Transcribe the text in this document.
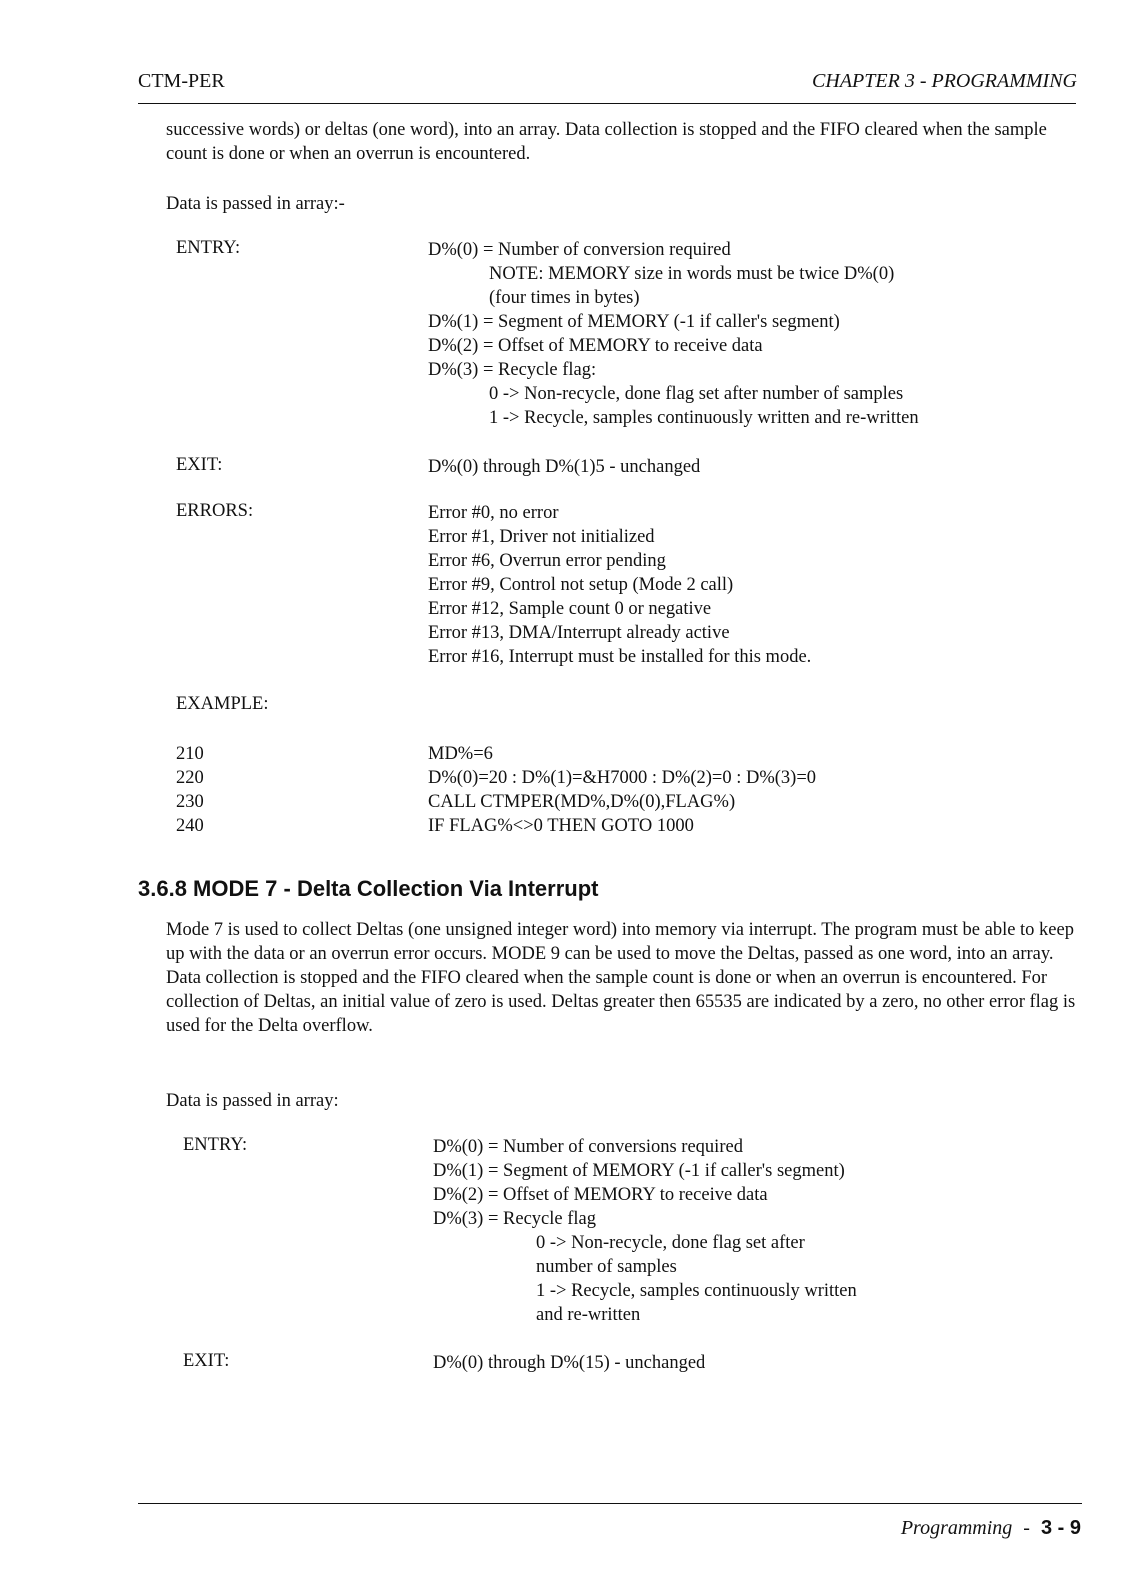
CTM-PER	CHAPTER 3 - PROGRAMMING
successive words) or deltas (one word), into an array. Data collection is stopped and the FIFO cleared when the sample count is done or when an overrun is encountered.
Data is passed in array:-
ENTRY:	D%(0) = Number of conversion required
NOTE: MEMORY size in words must be twice D%(0)
(four times in bytes)
D%(1) = Segment of MEMORY (-1 if caller's segment)
D%(2) = Offset of MEMORY to receive data
D%(3) = Recycle flag:
0 -> Non-recycle, done flag set after number of samples
1 -> Recycle, samples continuously written and re-written
EXIT:	D%(0) through D%(1)5 - unchanged
ERRORS:	Error #0, no error
Error #1, Driver not initialized
Error #6, Overrun error pending
Error #9, Control not setup (Mode 2 call)
Error #12, Sample count 0 or negative
Error #13, DMA/Interrupt already active
Error #16, Interrupt must be installed for this mode.
EXAMPLE:
210	MD%=6
220	D%(0)=20 : D%(1)=&H7000 : D%(2)=0 : D%(3)=0
230	CALL CTMPER(MD%,D%(0),FLAG%)
240	IF FLAG%<>0 THEN GOTO 1000
3.6.8 MODE 7 - Delta Collection Via Interrupt
Mode 7 is used to collect Deltas (one unsigned integer word) into memory via interrupt. The program must be able to keep up with the data or an overrun error occurs. MODE 9 can be used to move the Deltas, passed as one word, into an array. Data collection is stopped and the FIFO cleared when the sample count is done or when an overrun is encountered. For collection of Deltas, an initial value of zero is used. Deltas greater then 65535 are indicated by a zero, no other error flag is used for the Delta overflow.
Data is passed in array:
ENTRY:	D%(0) = Number of conversions required
D%(1) = Segment of MEMORY (-1 if caller's segment)
D%(2) = Offset of MEMORY to receive data
D%(3) = Recycle flag
0 -> Non-recycle, done flag set after
number of samples
1 -> Recycle, samples continuously written
and re-written
EXIT:	D%(0) through D%(15) - unchanged
Programming - 3 - 9
